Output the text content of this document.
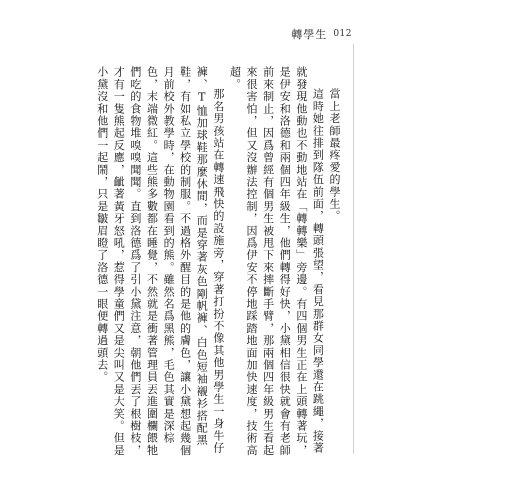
轉學生 012

當上老師最疼愛的學生。

這時她往排到隊伍前面，轉頭張望，看見那群女同學還在跳繩，接著就發現他動也不動地站在「轉轉樂」旁邊。有四個男生正在上頭轉著玩，是伊安和洛德和兩個四年級生，他們轉得好快，小黛相信很快就會有老師前來制止，因爲曾經有個男生被甩下來摔斷手臂，那兩個四年級男生看起來很害怕，但又沒辦法控制，因爲伊安不停地踩踏地面加快速度，技術高超。

那名男孩站在轉速飛快的設施旁，穿著打扮不像其他男學生一身牛仔褲、T恤加球鞋那麼休閒，而是穿著灰色剛帆褲、白色短袖襯衫搭配黑鞋，有如私立學校的制服。不過格外醒目的是他的膚色，讓小黛想起幾個月前校外教學時，在動物園看到的熊。雖然名爲黑熊，毛色其實是深棕色，末端微紅。這些熊多數都在睡覺，不然就是衝著管理員丟進圍欄餵牠們吃的食物堆嗅嗅聞聞。直到洛德爲了引小黛注意，朝他們丟了根樹枝，才有一隻熊起反應，齜著黃牙怒吼，惹得學童們又是尖叫又是大笑。但是小黛沒和他們一起鬧，只是皺眉瞪了洛德一眼便轉過頭去。
